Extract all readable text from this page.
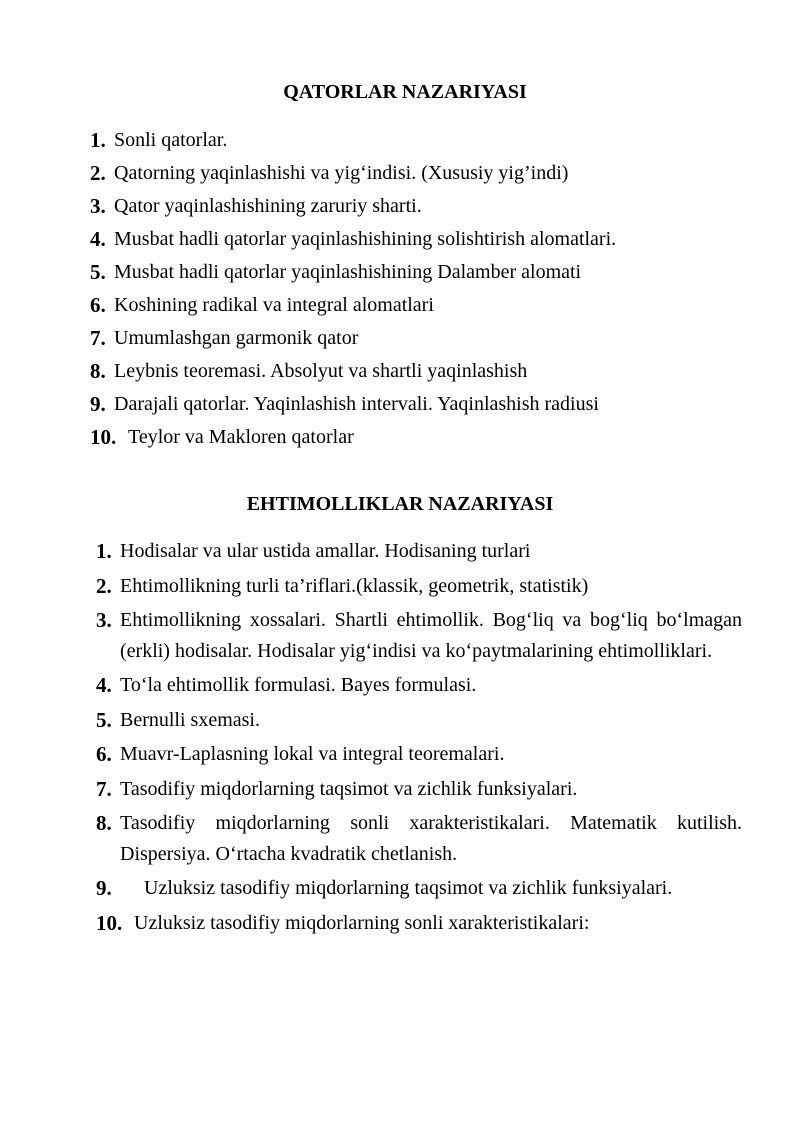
QATORLAR NAZARIYASI
1. Sonli qatorlar.
2. Qatorning yaqinlashishi va yig‘indisi. (Xususiy yig’indi)
3. Qator yaqinlashishining zaruriy sharti.
4. Musbat hadli qatorlar yaqinlashishining solishtirish alomatlari.
5. Musbat hadli qatorlar yaqinlashishining Dalamber alomati
6. Koshining radikal va integral alomatlari
7. Umumlashgan garmonik qator
8. Leybnis teoremasi. Absolyut va shartli yaqinlashish
9. Darajali qatorlar. Yaqinlashish intervali. Yaqinlashish radiusi
10. Teylor va Makloren qatorlar
EHTIMOLLIKLAR NAZARIYASI
1. Hodisalar va ular ustida amallar. Hodisaning turlari
2. Ehtimollikning turli ta’riflari.(klassik, geometrik, statistik)
3. Ehtimollikning xossalari. Shartli ehtimollik. Bog‘liq va bog‘liq bo‘lmagan (erkli) hodisalar. Hodisalar yig‘indisi va ko‘paytmalarining ehtimolliklari.
4. To‘la ehtimollik formulasi. Bayes formulasi.
5. Bernulli sxemasi.
6. Muavr-Laplasning lokal va integral teoremalari.
7. Tasodifiy miqdorlarning taqsimot va zichlik funksiyalari.
8. Tasodifiy miqdorlarning sonli xarakteristikalari. Matematik kutilish. Dispersiya. O‘rtacha kvadratik chetlanish.
9. Uzluksiz tasodifiy miqdorlarning taqsimot va zichlik funksiyalari.
10. Uzluksiz tasodifiy miqdorlarning sonli xarakteristikalari:
